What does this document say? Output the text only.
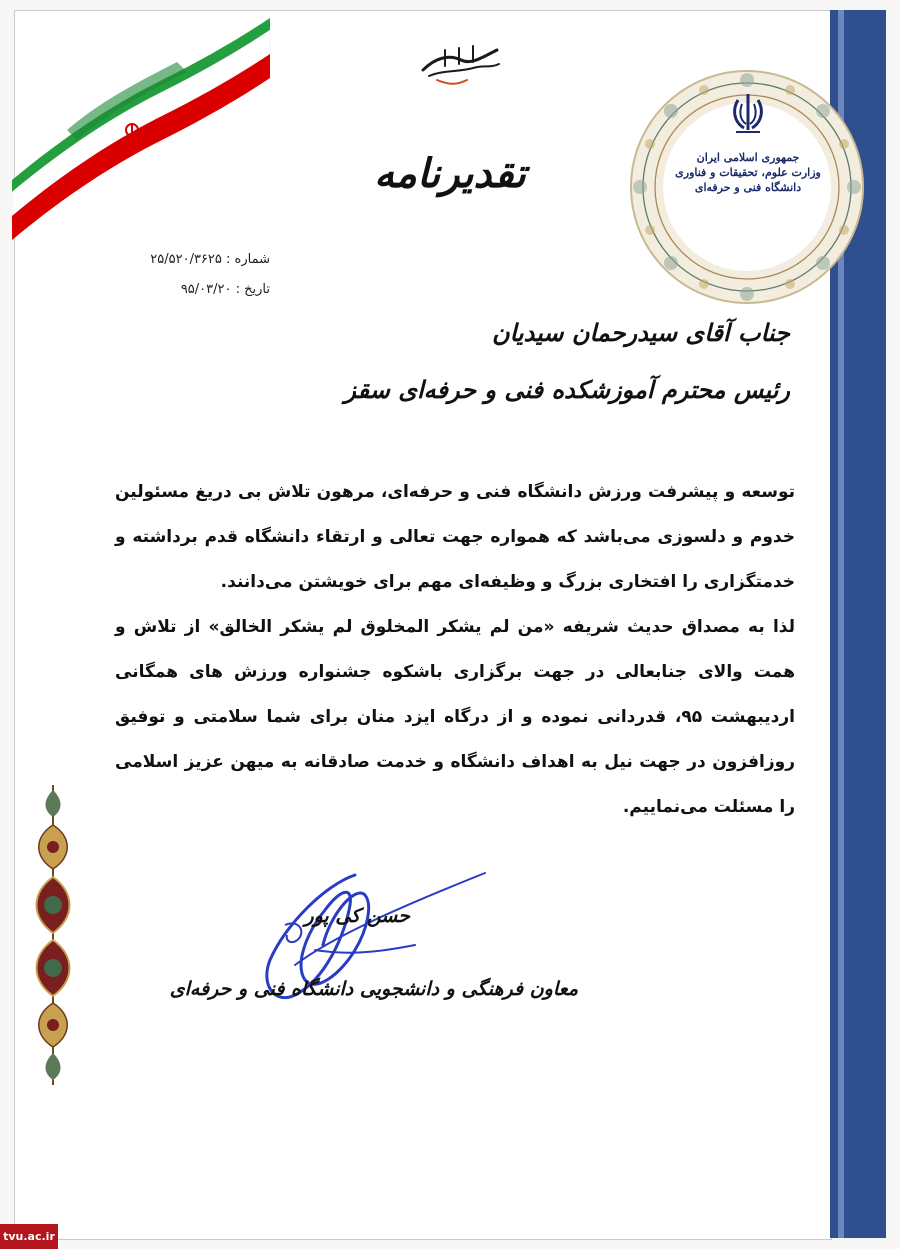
جمهوری اسلامی ایران
وزارت علوم، تحقیقات و فناوری
دانشگاه فنی و حرفه‌ای
تقدیرنامه
شماره : ۲۵/۵۲۰/۳۶۲۵
تاریخ : ۹۵/۰۳/۲۰
جناب آقای سیدرحمان سیدیان
رئیس محترم آموزشکده فنی و حرفه‌ای سقز

توسعه و پیشرفت ورزش دانشگاه فنی و حرفه‌ای، مرهون تلاش بی دریغ مسئولین خدوم و دلسوزی می‌باشد که همواره جهت تعالی و ارتقاء دانشگاه قدم برداشته و خدمتگزاری را افتخاری بزرگ و وظیفه‌ای مهم برای خویشتن می‌دانند.

لذا به مصداق حدیث شریفه «من لم یشکر المخلوق لم یشکر الخالق» از تلاش و همت والای جنابعالی در جهت برگزاری باشکوه جشنواره ورزش های همگانی اردیبهشت ۹۵، قدردانی نموده و از درگاه ایزد منان برای شما سلامتی و توفیق روزافزون در جهت نیل به اهداف دانشگاه و خدمت صادقانه به میهن عزیز اسلامی را مسئلت می‌نماییم.

حسن کی پور
معاون فرهنگی و دانشجویی دانشگاه فنی و حرفه‌ای
tvu.ac.ir
